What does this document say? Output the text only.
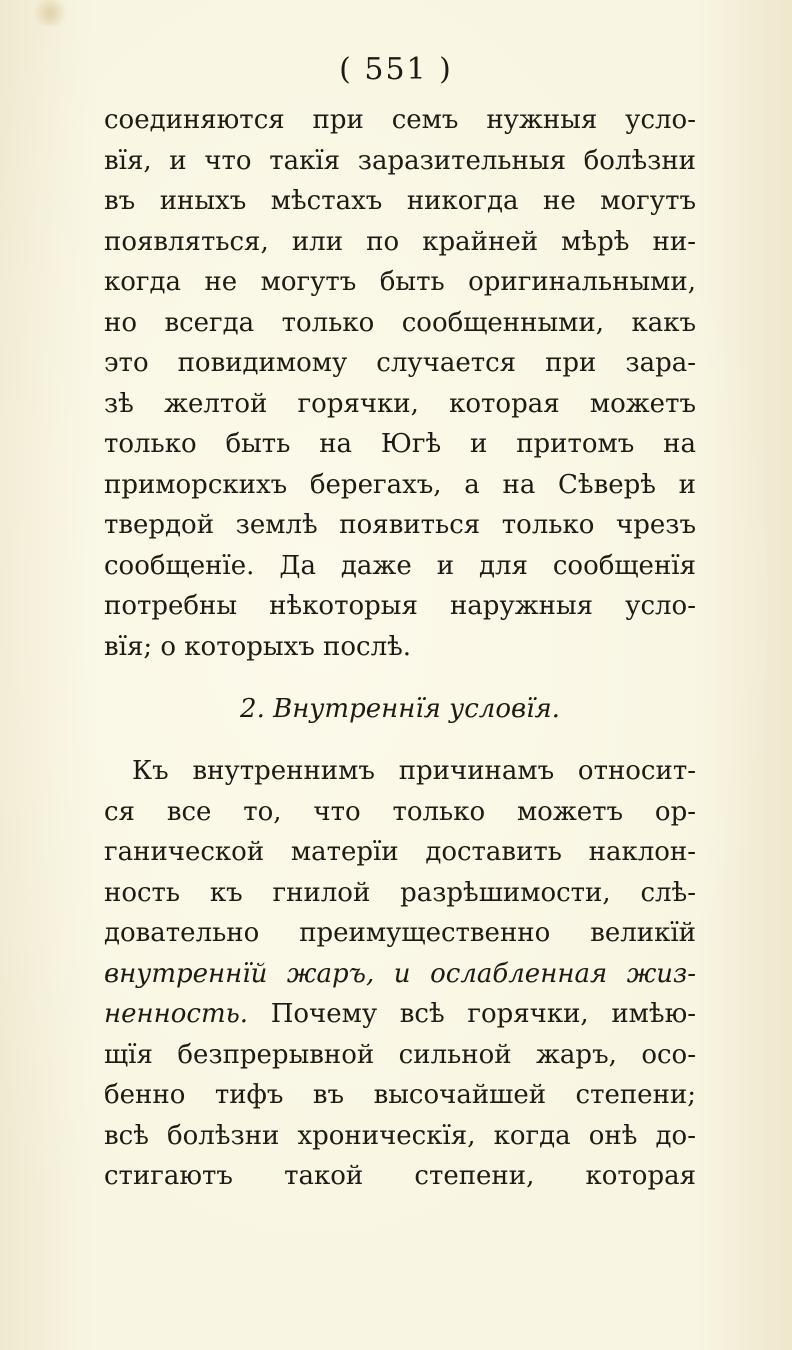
( 551 )
соединяются при семъ нужныя усло-
вїя, и что такїя заразительныя болѣзни
въ иныхъ мѣстахъ никогда не могутъ
появляться, или по крайней мѣрѣ ни-
когда не могутъ быть оригинальными,
но всегда только сообщенными, какъ
это повидимому случается при зара-
зѣ желтой горячки, которая можетъ
только быть на Югѣ и притомъ на
приморскихъ берегахъ, а на Сѣверѣ и
твердой землѣ появиться только чрезъ
сообщенїе. Да даже и для сообщенїя
потребны нѣкоторыя наружныя усло-
вїя; о которыхъ послѣ.
2. Внутреннїя условїя.
Къ внутреннимъ причинамъ относит-
ся все то, что только можетъ ор-
ганической матерїи доставить наклон-
ность къ гнилой разрѣшимости, слѣ-
довательно преимущественно великїй
внутреннїй жаръ, и ослабленная жиз-
ненность. Почему всѣ горячки, имѣю-
щїя безпрерывной сильной жаръ, осо-
бенно тифъ въ высочайшей степени;
всѣ болѣзни хроническїя, когда онѣ до-
стигаютъ такой степени, которая
